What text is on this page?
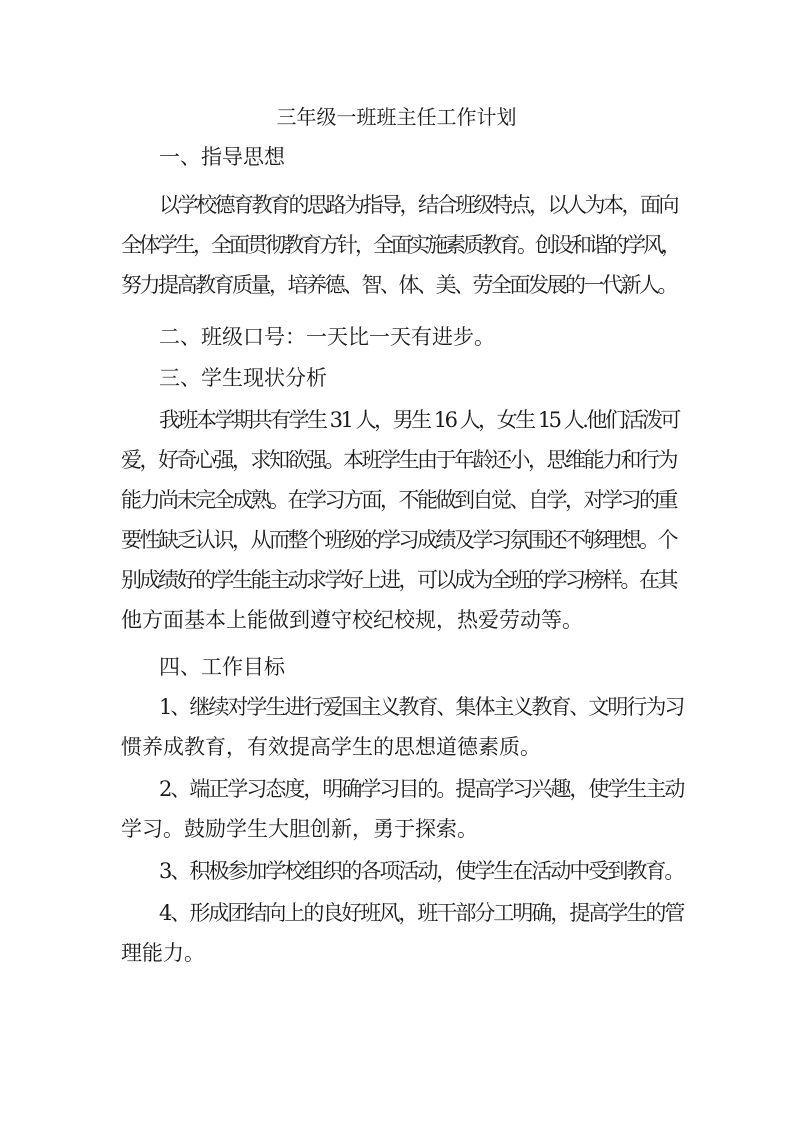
三年级一班班主任工作计划
一、指导思想
以学校德育教育的思路为指导，结合班级特点，以人为本，面向
全体学生，全面贯彻教育方针，全面实施素质教育。创设和谐的学风，
努力提高教育质量，培养德、智、体、美、劳全面发展的一代新人。
二、班级口号：一天比一天有进步。
三、学生现状分析
我班本学期共有学生 31 人，男生 16 人，女生 15 人.他们活泼可
爱，好奇心强，求知欲强。本班学生由于年龄还小，思维能力和行为
能力尚未完全成熟。在学习方面，不能做到自觉、自学，对学习的重
要性缺乏认识，从而整个班级的学习成绩及学习氛围还不够理想。个
别成绩好的学生能主动求学好上进，可以成为全班的学习榜样。在其
他方面基本上能做到遵守校纪校规，热爱劳动等。
四、工作目标
1、继续对学生进行爱国主义教育、集体主义教育、文明行为习
惯养成教育，有效提高学生的思想道德素质。
2、端正学习态度，明确学习目的。提高学习兴趣，使学生主动
学习。鼓励学生大胆创新，勇于探索。
3、积极参加学校组织的各项活动，使学生在活动中受到教育。
4、形成团结向上的良好班风，班干部分工明确，提高学生的管
理能力。
